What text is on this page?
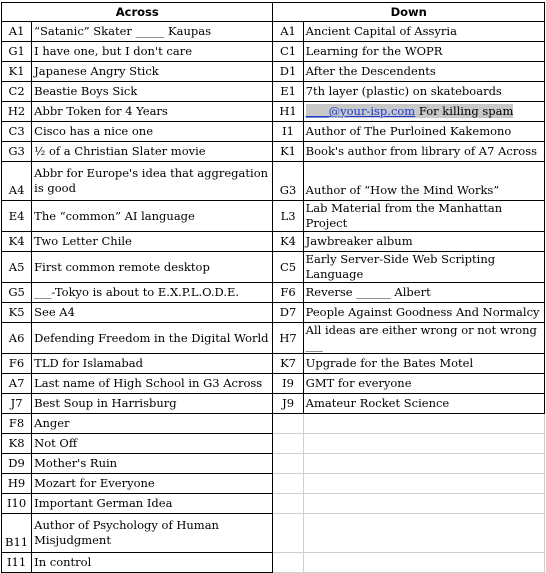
Across		Down	
A1	“Satanic” Skater _____ Kaupas	A1	Ancient Capital of Assyria
G1	I have one, but I don't care	C1	Learning for the WOPR
K1	Japanese Angry Stick	D1	After the Descendents
C2	Beastie Boys Sick	E1	7th layer (plastic) on skateboards
H2	Abbr Token for 4 Years	H1	____@your-isp.com For killing spam
C3	Cisco has a nice one	I1	Author of The Purloined Kakemono
G3	½ of a Christian Slater movie	K1	Book's author from library of A7 Across
A4	Abbr for Europe's idea that aggregation is good	G3	Author of “How the Mind Works”
E4	The “common” AI language	L3	Lab Material from the Manhattan Project
K4	Two Letter Chile	K4	Jawbreaker album
A5	First common remote desktop	C5	Early Server-Side Web Scripting Language
G5	___-Tokyo is about to E.X.P.L.O.D.E.	F6	Reverse ______ Albert
K5	See A4	D7	People Against Goodness And Normalcy
A6	Defending Freedom in the Digital World	H7	All ideas are either wrong or not wrong ___
F6	TLD for Islamabad	K7	Upgrade for the Bates Motel
A7	Last name of High School in G3 Across	I9	GMT for everyone
J7	Best Soup in Harrisburg	J9	Amateur Rocket Science
F8	Anger		
K8	Not Off		
D9	Mother's Ruin		
H9	Mozart for Everyone		
I10	Important German Idea		
B11	Author of Psychology of Human Misjudgment		
I11	In control		
